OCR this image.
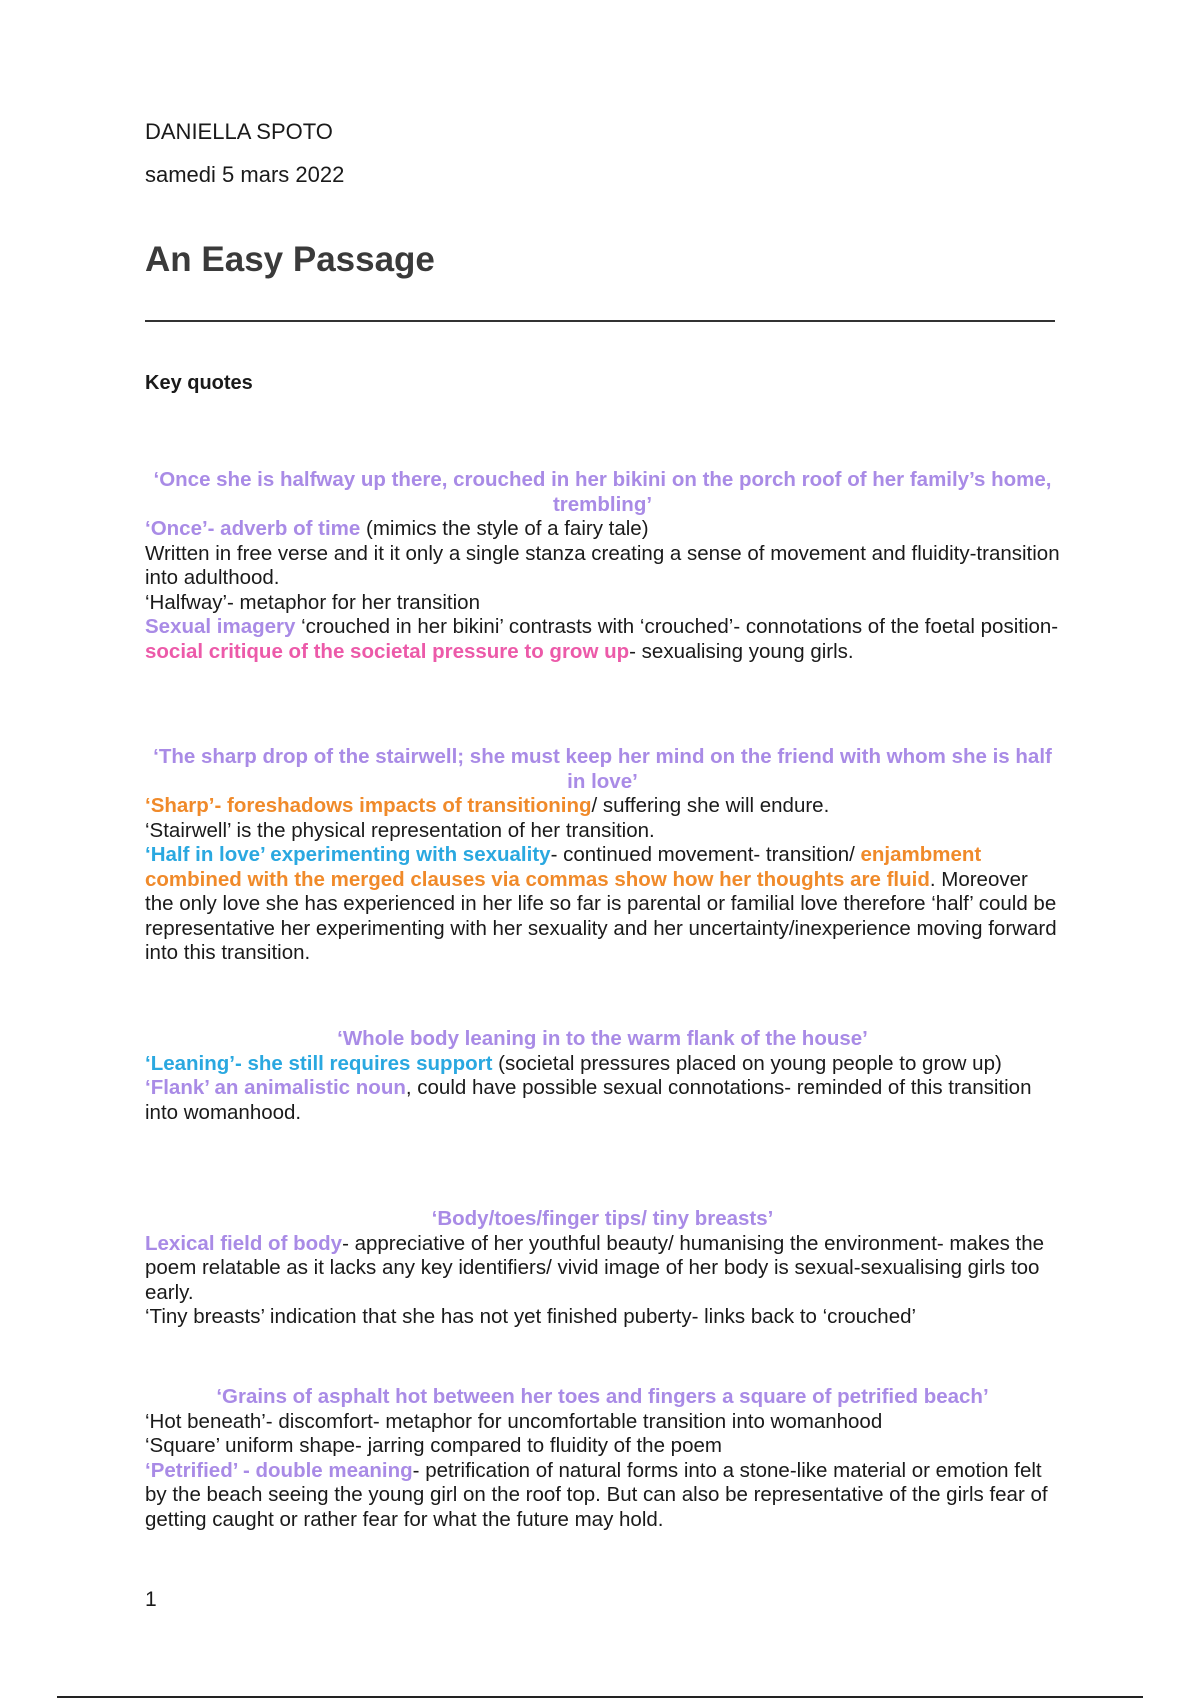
DANIELLA SPOTO
samedi 5 mars 2022
An Easy Passage
Key quotes

‘Once she is halfway up there, crouched in her bikini on the porch roof of her family’s home, trembling’

‘Once’- adverb of time (mimics the style of a fairy tale)

Written in free verse and it it only a single stanza creating a sense of movement and fluidity-transition into adulthood.

‘Halfway’- metaphor for her transition

Sexual imagery ‘crouched in her bikini’ contrasts with ‘crouched’- connotations of the foetal position- social critique of the societal pressure to grow up- sexualising young girls.

‘The sharp drop of the stairwell; she must keep her mind on the friend with whom she is half in love’

‘Sharp’- foreshadows impacts of transitioning/ suffering she will endure.

‘Stairwell’ is the physical representation of her transition.

‘Half in love’ experimenting with sexuality- continued movement- transition/ enjambment combined with the merged clauses via commas show how her thoughts are fluid. Moreover the only love she has experienced in her life so far is parental or familial love therefore ‘half’ could be representative her experimenting with her sexuality and her uncertainty/inexperience moving forward into this transition.

‘Whole body leaning in to the warm flank of the house’

‘Leaning’- she still requires support (societal pressures placed on young people to grow up)

‘Flank’ an animalistic noun, could have possible sexual connotations- reminded of this transition into womanhood.

‘Body/toes/finger tips/ tiny breasts’

Lexical field of body- appreciative of her youthful beauty/ humanising the environment- makes the poem relatable as it lacks any key identifiers/ vivid image of her body is sexual-sexualising girls too early.

‘Tiny breasts’ indication that she has not yet finished puberty- links back to ‘crouched’

‘Grains of asphalt hot between her toes and fingers a square of petrified beach’

‘Hot beneath’- discomfort- metaphor for uncomfortable transition into womanhood

‘Square’ uniform shape- jarring compared to fluidity of the poem

‘Petrified’ - double meaning- petrification of natural forms into a stone-like material or emotion felt by the beach seeing the young girl on the roof top. But can also be representative of the girls fear of getting caught or rather fear for what the future may hold.

1
